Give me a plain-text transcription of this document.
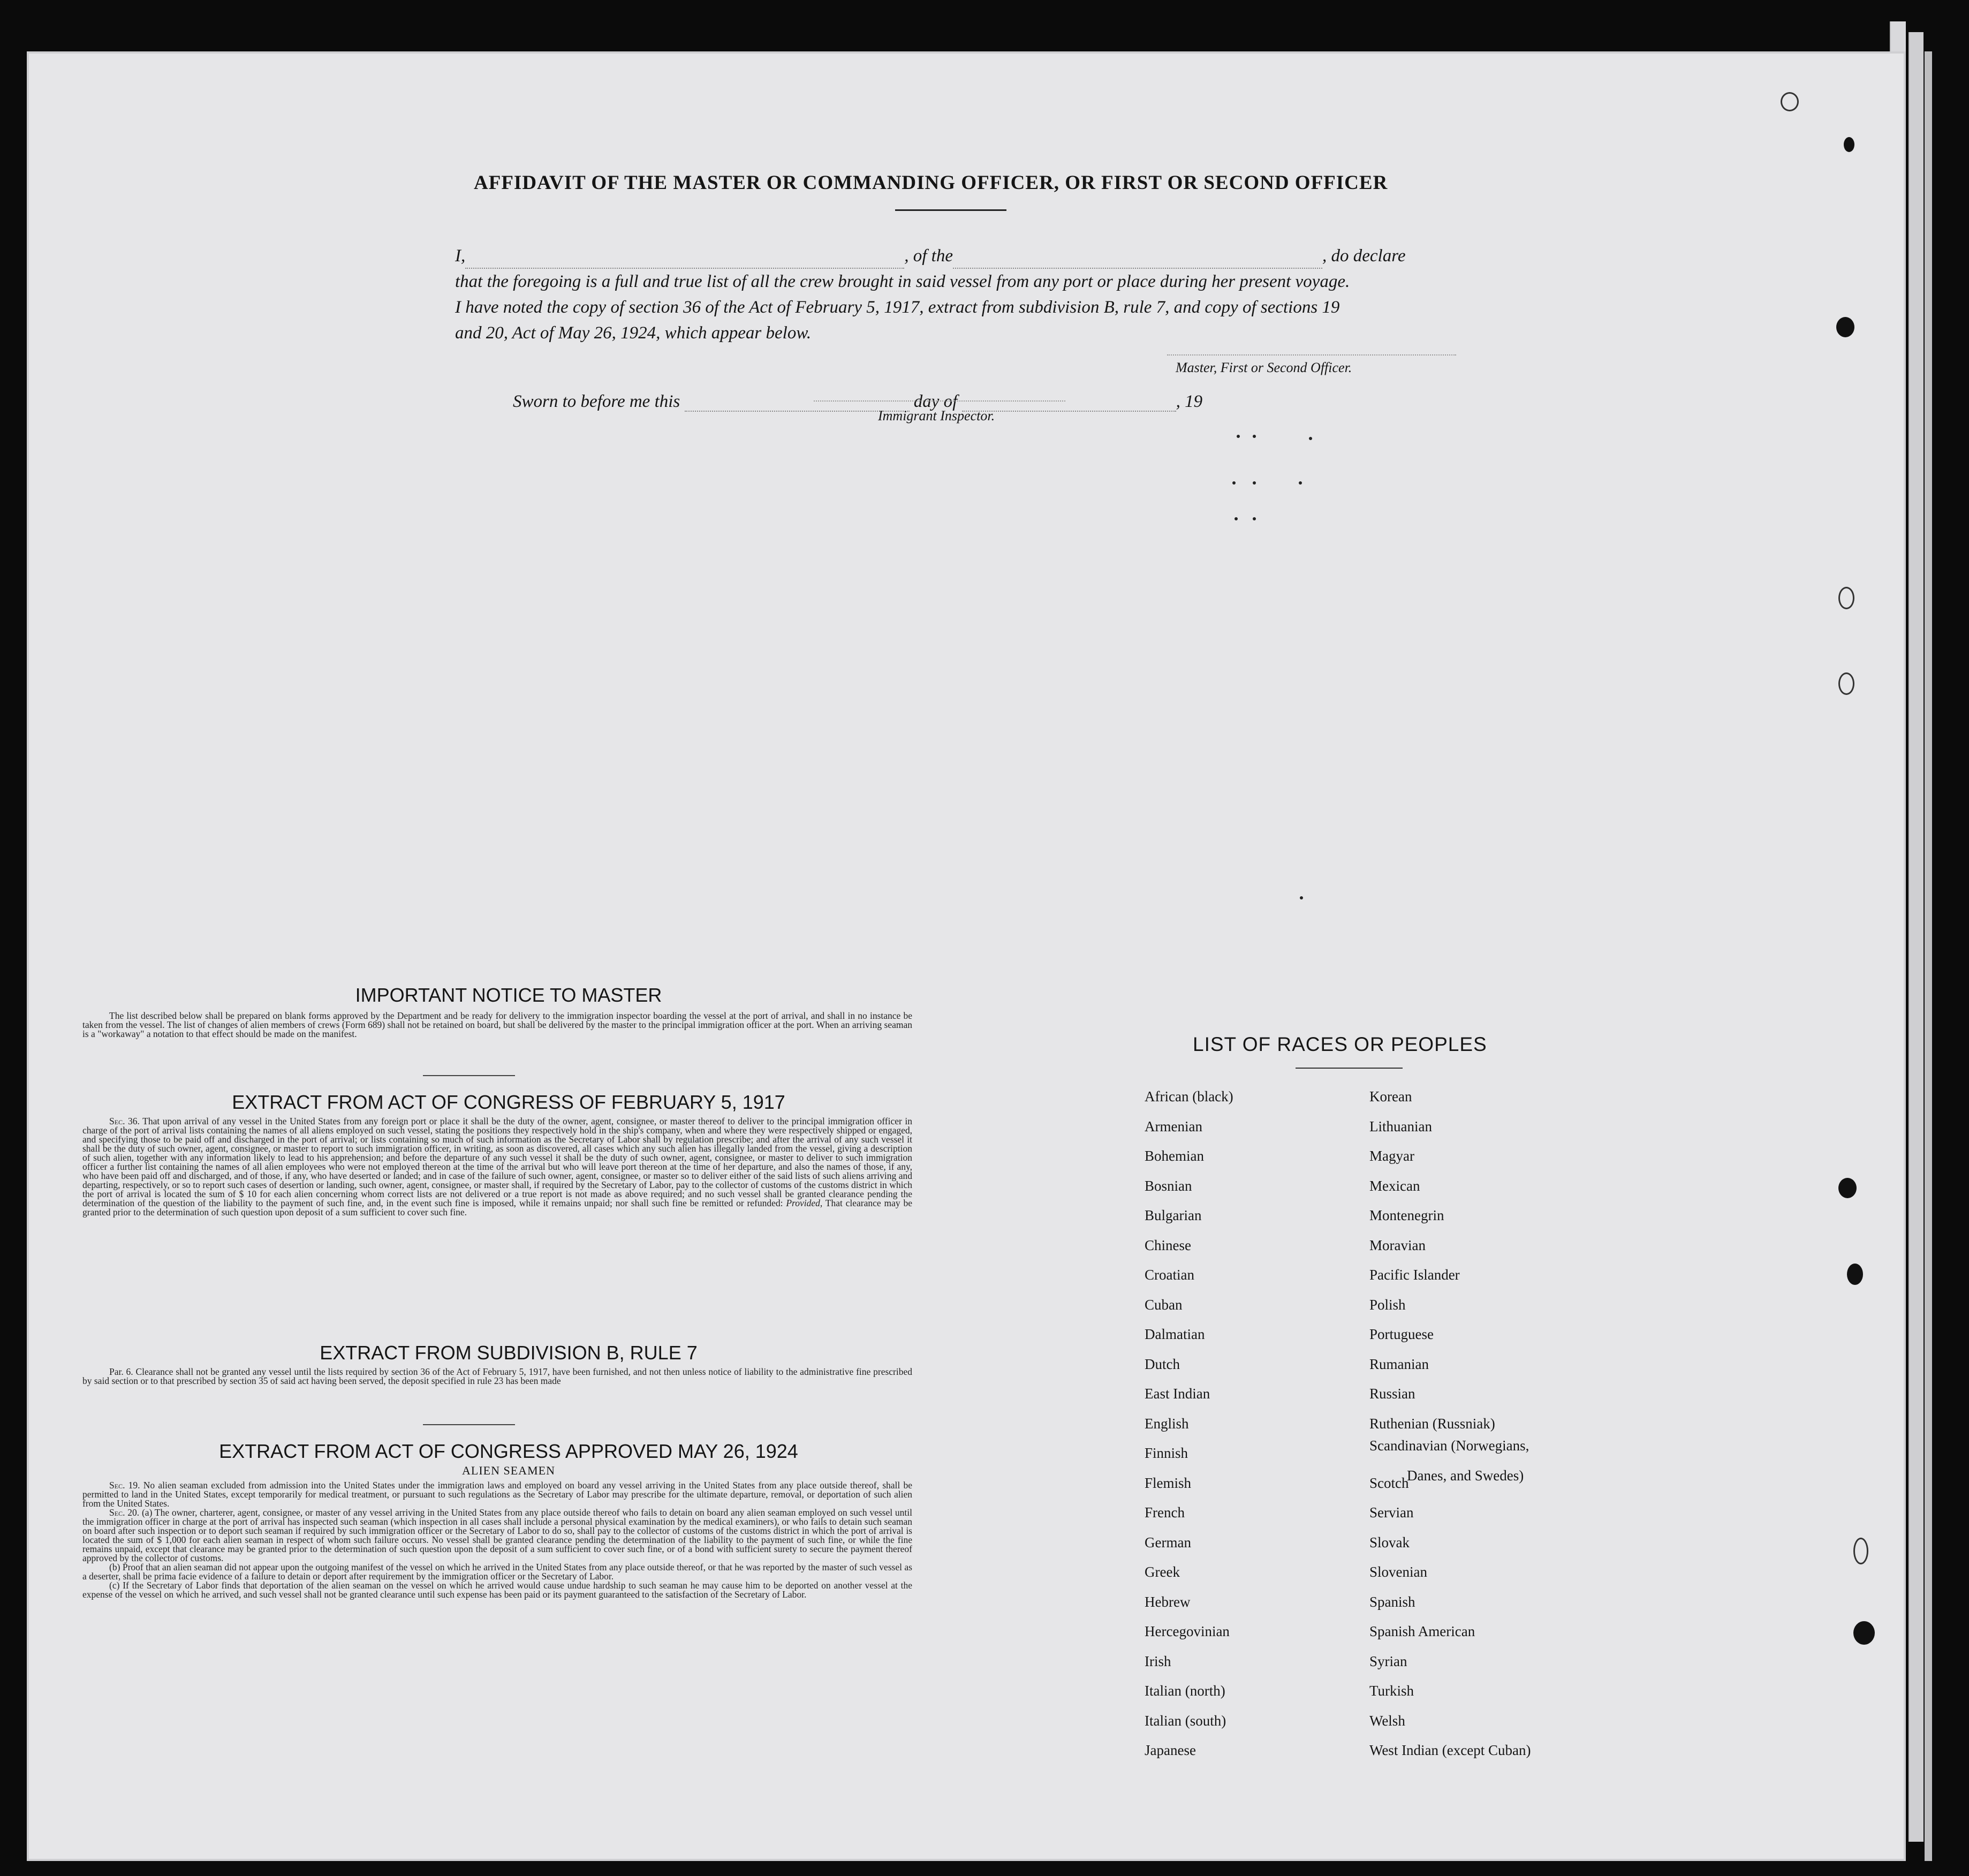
AFFIDAVIT OF THE MASTER OR COMMANDING OFFICER, OR FIRST OR SECOND OFFICER

I,	, of the	, do declare

that the foregoing is a full and true list of all the crew brought in said vessel from any port or place during her present voyage.

I have noted the copy of section 36 of the Act of February 5, 1917, extract from subdivision B, rule 7, and copy of sections 19

and 20, Act of May 26, 1924, which appear below.

Master, First or Second Officer.
Sworn to before me this	day of	, 19
Immigrant Inspector.
IMPORTANT NOTICE TO MASTER

The list described below shall be prepared on blank forms approved by the Department and be ready for delivery to the immigration inspector boarding the vessel at the port of arrival, and shall in no instance be taken from the vessel. The list of changes of alien members of crews (Form 689) shall not be retained on board, but shall be delivered by the master to the principal immigration officer at the port. When an arriving seaman is a "workaway" a notation to that effect should be made on the manifest.

EXTRACT FROM ACT OF CONGRESS OF FEBRUARY 5, 1917

Sec. 36. That upon arrival of any vessel in the United States from any foreign port or place it shall be the duty of the owner, agent, consignee, or master thereof to deliver to the principal immigration officer in charge of the port of arrival lists containing the names of all aliens employed on such vessel, stating the positions they respectively hold in the ship's company, when and where they were respectively shipped or engaged, and specifying those to be paid off and discharged in the port of arrival; or lists containing so much of such information as the Secretary of Labor shall by regulation prescribe; and after the arrival of any such vessel it shall be the duty of such owner, agent, consignee, or master to report to such immigration officer, in writing, as soon as discovered, all cases which any such alien has illegally landed from the vessel, giving a description of such alien, together with any information likely to lead to his apprehension; and before the departure of any such vessel it shall be the duty of such owner, agent, consignee, or master to deliver to such immigration officer a further list containing the names of all alien employees who were not employed thereon at the time of the arrival but who will leave port thereon at the time of her departure, and also the names of those, if any, who have been paid off and discharged, and of those, if any, who have deserted or landed; and in case of the failure of such owner, agent, consignee, or master so to deliver either of the said lists of such aliens arriving and departing, respectively, or so to report such cases of desertion or landing, such owner, agent, consignee, or master shall, if required by the Secretary of Labor, pay to the collector of customs of the customs district in which the port of arrival is located the sum of $ 10 for each alien concerning whom correct lists are not delivered or a true report is not made as above required; and no such vessel shall be granted clearance pending the determination of the question of the liability to the payment of such fine, and, in the event such fine is imposed, while it remains unpaid; nor shall such fine be remitted or refunded: Provided, That clearance may be granted prior to the determination of such question upon deposit of a sum sufficient to cover such fine.

EXTRACT FROM SUBDIVISION B, RULE 7

Par. 6. Clearance shall not be granted any vessel until the lists required by section 36 of the Act of February 5, 1917, have been furnished, and not then unless notice of liability to the administrative fine prescribed by said section or to that prescribed by section 35 of said act having been served, the deposit specified in rule 23 has been made

EXTRACT FROM ACT OF CONGRESS APPROVED MAY 26, 1924
ALIEN SEAMEN

Sec. 19. No alien seaman excluded from admission into the United States under the immigration laws and employed on board any vessel arriving in the United States from any place outside thereof, shall be permitted to land in the United States, except temporarily for medical treatment, or pursuant to such regulations as the Secretary of Labor may prescribe for the ultimate departure, removal, or deportation of such alien from the United States.

Sec. 20. (a) The owner, charterer, agent, consignee, or master of any vessel arriving in the United States from any place outside thereof who fails to detain on board any alien seaman employed on such vessel until the immigration officer in charge at the port of arrival has inspected such seaman (which inspection in all cases shall include a personal physical examination by the medical examiners), or who fails to detain such seaman on board after such inspection or to deport such seaman if required by such immigration officer or the Secretary of Labor to do so, shall pay to the collector of customs of the customs district in which the port of arrival is located the sum of $ 1,000 for each alien seaman in respect of whom such failure occurs. No vessel shall be granted clearance pending the determination of the liability to the payment of such fine, or while the fine remains unpaid, except that clearance may be granted prior to the determination of such question upon the deposit of a sum sufficient to cover such fine, or of a bond with sufficient surety to secure the payment thereof approved by the collector of customs.

(b) Proof that an alien seaman did not appear upon the outgoing manifest of the vessel on which he arrived in the United States from any place outside thereof, or that he was reported by the master of such vessel as a deserter, shall be prima facie evidence of a failure to detain or deport after requirement by the immigration officer or the Secretary of Labor.

(c) If the Secretary of Labor finds that deportation of the alien seaman on the vessel on which he arrived would cause undue hardship to such seaman he may cause him to be deported on another vessel at the expense of the vessel on which he arrived, and such vessel shall not be granted clearance until such expense has been paid or its payment guaranteed to the satisfaction of the Secretary of Labor.

LIST OF RACES OR PEOPLES
African (black)
Armenian
Bohemian
Bosnian
Bulgarian
Chinese
Croatian
Cuban
Dalmatian
Dutch
East Indian
English
Finnish
Flemish
French
German
Greek
Hebrew
Hercegovinian
Irish
Italian (north)
Italian (south)
Japanese
Korean
Lithuanian
Magyar
Mexican
Montenegrin
Moravian
Pacific Islander
Polish
Portuguese
Rumanian
Russian
Ruthenian (Russniak)
Scandinavian (Norwegians,
Danes, and Swedes)
Scotch
Servian
Slovak
Slovenian
Spanish
Spanish American
Syrian
Turkish
Welsh
West Indian (except Cuban)
